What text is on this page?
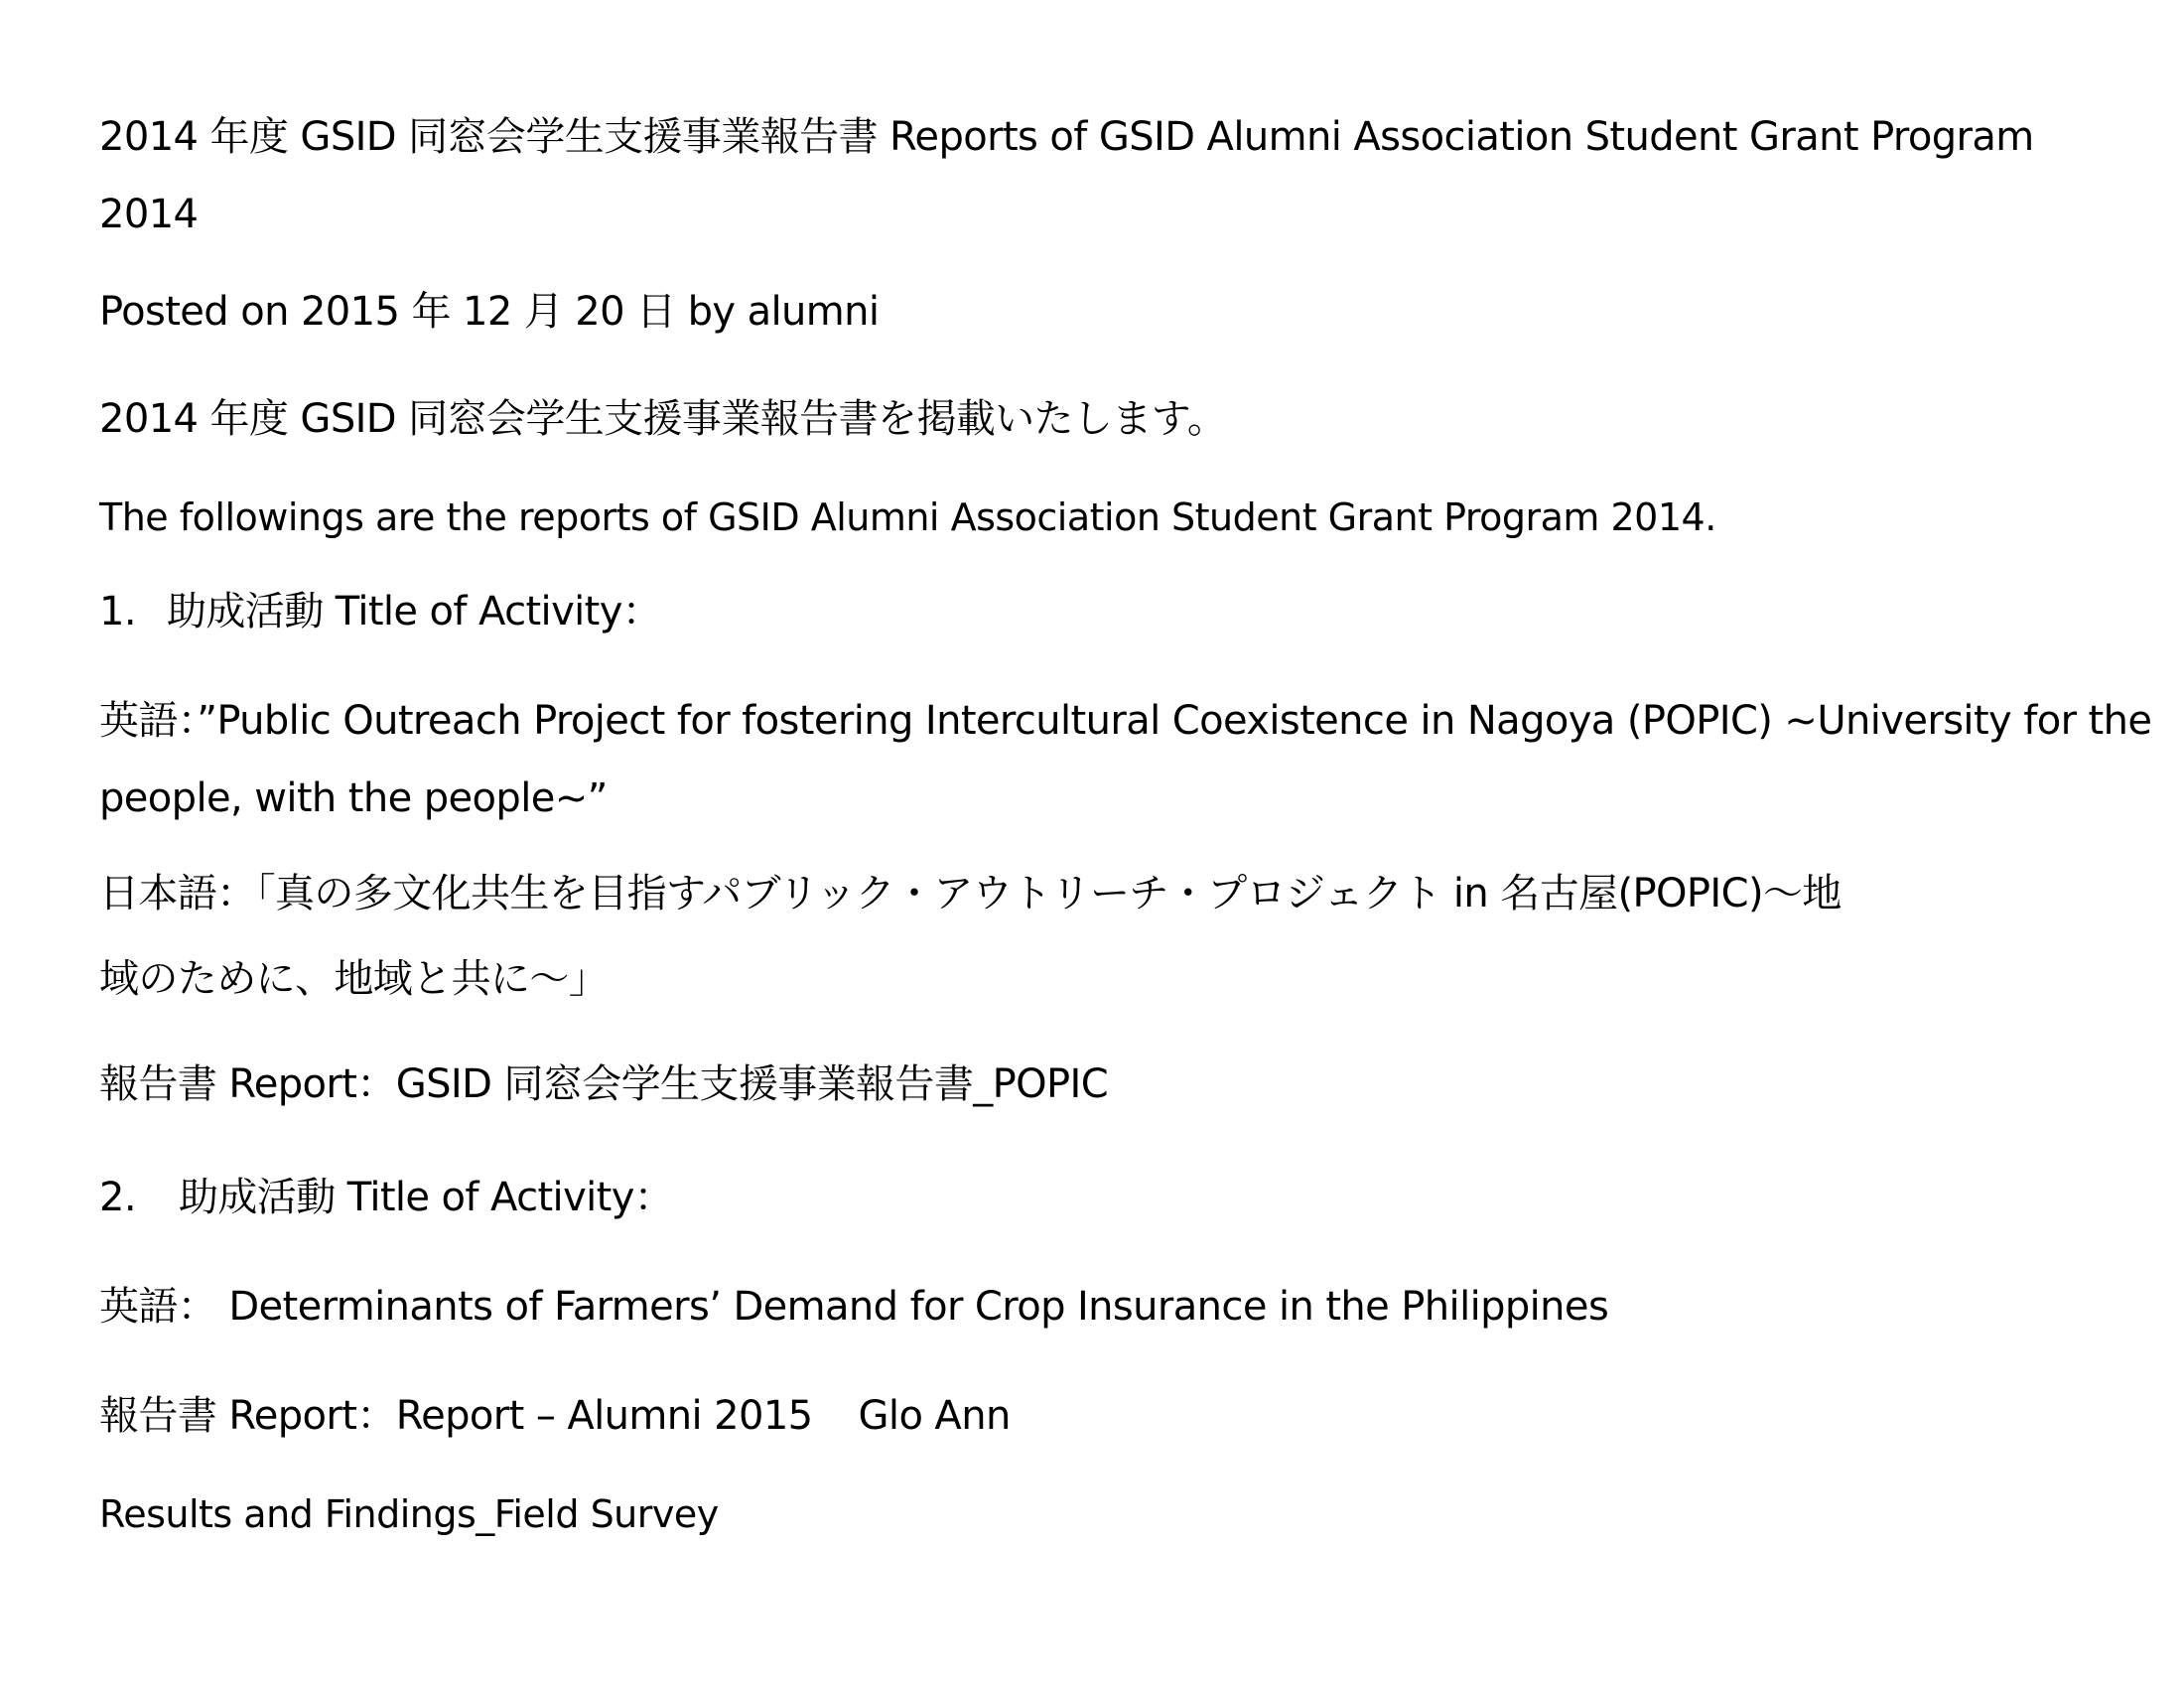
2014 年度 GSID 同窓会学生支援事業報告書 Reports of GSID Alumni Association Student Grant Program
2014
Posted on 2015 年 12 月 20 日 by alumni
2014 年度 GSID 同窓会学生支援事業報告書を掲載いたします。
The followings are the reports of GSID Alumni Association Student Grant Program 2014.
1. 助成活動 Title of Activity：
英語：”Public Outreach Project for fostering Intercultural Coexistence in Nagoya (POPIC) ~University for the
people, with the people~”
日本語：「真の多文化共生を目指すパブリック・アウトリーチ・プロジェクト in 名古屋(POPIC)～地
域のために、地域と共に～」
報告書 Report：GSID 同窓会学生支援事業報告書_POPIC
2. 助成活動 Title of Activity：
英語： Determinants of Farmers’ Demand for Crop Insurance in the Philippines
報告書 Report：Report – Alumni 2015 Glo Ann
Results and Findings_Field Survey
